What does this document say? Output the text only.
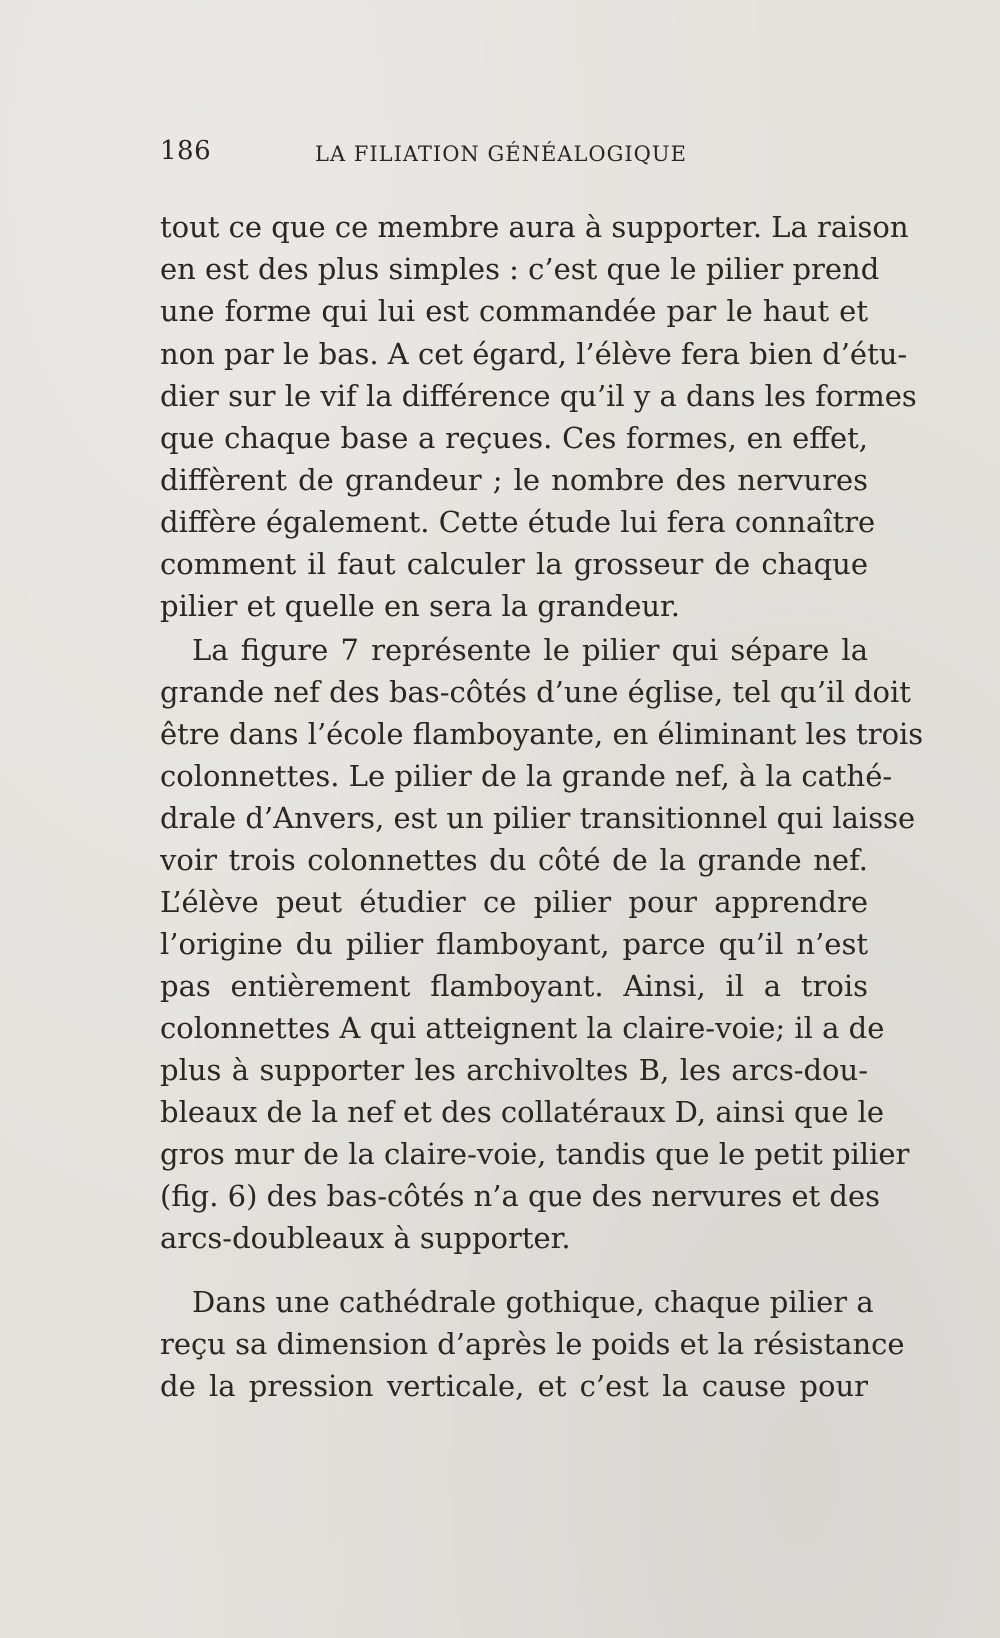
186	LA FILIATION GÉNÉALOGIQUE
tout ce que ce membre aura à supporter. La raison
en est des plus simples : c’est que le pilier prend
une forme qui lui est commandée par le haut et
non par le bas. A cet égard, l’élève fera bien d’étu-
dier sur le vif la différence qu’il y a dans les formes
que chaque base a reçues. Ces formes, en effet,
diffèrent de grandeur ; le nombre des nervures
diffère également. Cette étude lui fera connaître
comment il faut calculer la grosseur de chaque
pilier et quelle en sera la grandeur.
La figure 7 représente le pilier qui sépare la
grande nef des bas-côtés d’une église, tel qu’il doit
être dans l’école flamboyante, en éliminant les trois
colonnettes. Le pilier de la grande nef, à la cathé-
drale d’Anvers, est un pilier transitionnel qui laisse
voir trois colonnettes du côté de la grande nef.
L’élève peut étudier ce pilier pour apprendre
l’origine du pilier flamboyant, parce qu’il n’est
pas entièrement flamboyant. Ainsi, il a trois
colonnettes A qui atteignent la claire-voie; il a de
plus à supporter les archivoltes B, les arcs-dou-
bleaux de la nef et des collatéraux D, ainsi que le
gros mur de la claire-voie, tandis que le petit pilier
(fig. 6) des bas-côtés n’a que des nervures et des
arcs-doubleaux à supporter.
Dans une cathédrale gothique, chaque pilier a
reçu sa dimension d’après le poids et la résistance
de la pression verticale, et c’est la cause pour
